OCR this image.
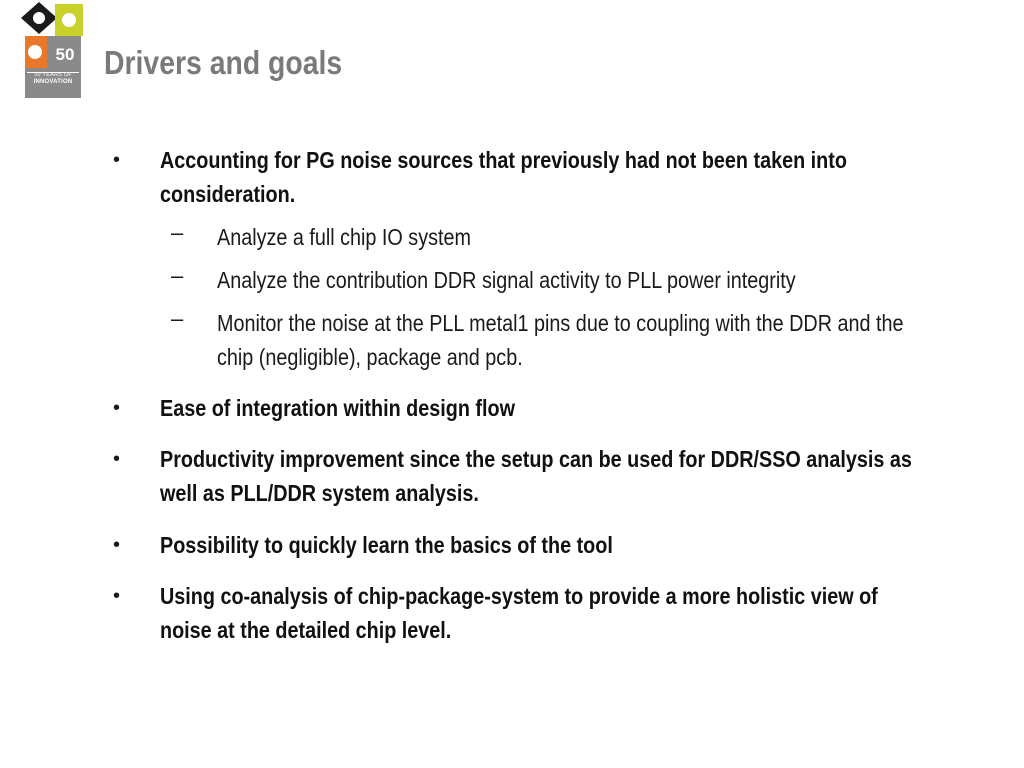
50
50 YEARS OF
INNOVATION
Drivers and goals
• Accounting for PG noise sources that previously had not been taken into consideration.
– Analyze a full chip IO system
– Analyze the contribution DDR signal activity to PLL power integrity
– Monitor the noise at the PLL metal1 pins due to coupling with the DDR and the chip (negligible), package and pcb.
• Ease of integration within design flow
• Productivity improvement since the setup can be used for DDR/SSO analysis as well as PLL/DDR system analysis.
• Possibility to quickly learn the basics of the tool
• Using co-analysis of chip-package-system to provide a more holistic view of noise at the detailed chip level.
